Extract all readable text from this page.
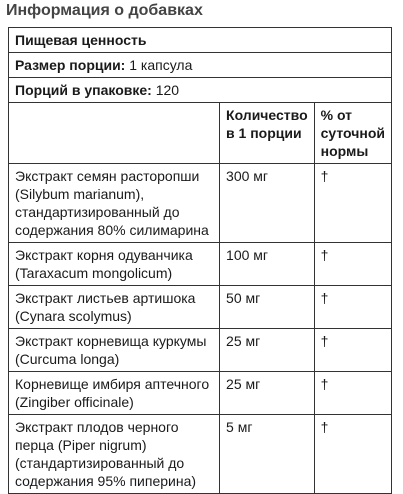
Информация о добавках
Пищевая ценность		
Размер порции: 1 капсула		
Порций в упаковке: 120		
	Количество в 1 порции	% от суточной нормы
Экстракт семян расторопши (Silybum marianum), стандартизированный до содержания 80% силимарина	300 мг	†
Экстракт корня одуванчика (Taraxacum mongolicum)	100 мг	†
Экстракт листьев артишока (Cynara scolymus)	50 мг	†
Экстракт корневища куркумы (Curcuma longa)	25 мг	†
Корневище имбиря аптечного (Zingiber officinale)	25 мг	†
Экстракт плодов черного перца (Piper nigrum) (стандартизированный до содержания 95% пиперина)	5 мг	†
